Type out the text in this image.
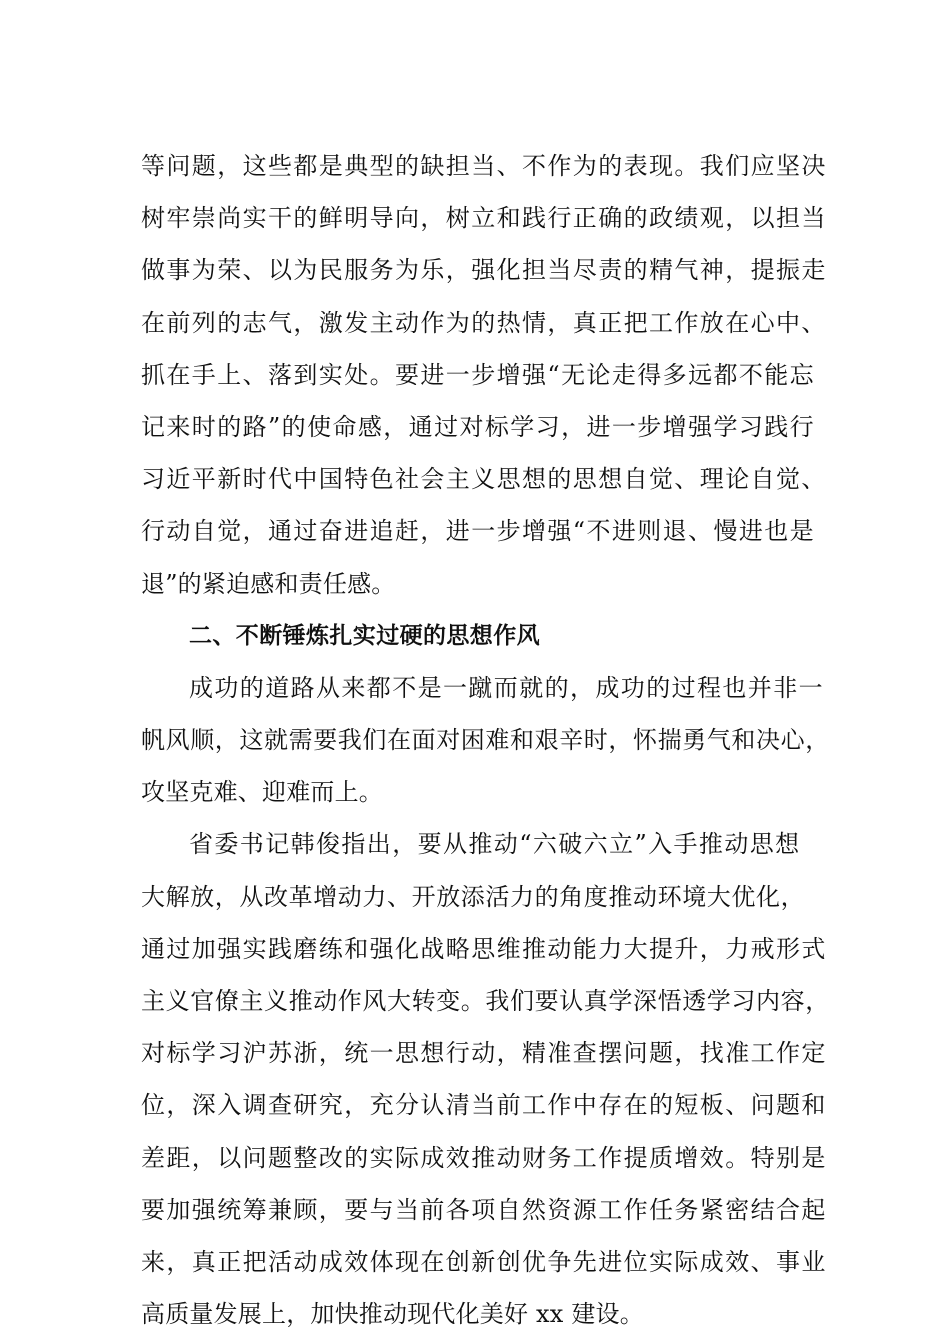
等问题，这些都是典型的缺担当、不作为的表现。我们应坚决
树牢崇尚实干的鲜明导向，树立和践行正确的政绩观，以担当
做事为荣、以为民服务为乐，强化担当尽责的精气神，提振走
在前列的志气，激发主动作为的热情，真正把工作放在心中、
抓在手上、落到实处。要进一步增强“无论走得多远都不能忘
记来时的路”的使命感，通过对标学习，进一步增强学习践行
习近平新时代中国特色社会主义思想的思想自觉、理论自觉、
行动自觉，通过奋进追赶，进一步增强“不进则退、慢进也是
退”的紧迫感和责任感。
二、不断锤炼扎实过硬的思想作风
成功的道路从来都不是一蹴而就的，成功的过程也并非一
帆风顺，这就需要我们在面对困难和艰辛时，怀揣勇气和决心，
攻坚克难、迎难而上。
省委书记韩俊指出，要从推动“六破六立”入手推动思想
大解放，从改革增动力、开放添活力的角度推动环境大优化，
通过加强实践磨练和强化战略思维推动能力大提升，力戒形式
主义官僚主义推动作风大转变。我们要认真学深悟透学习内容，
对标学习沪苏浙，统一思想行动，精准查摆问题，找准工作定
位，深入调查研究，充分认清当前工作中存在的短板、问题和
差距，以问题整改的实际成效推动财务工作提质增效。特别是
要加强统筹兼顾，要与当前各项自然资源工作任务紧密结合起
来，真正把活动成效体现在创新创优争先进位实际成效、事业
高质量发展上，加快推动现代化美好 xx 建设。
